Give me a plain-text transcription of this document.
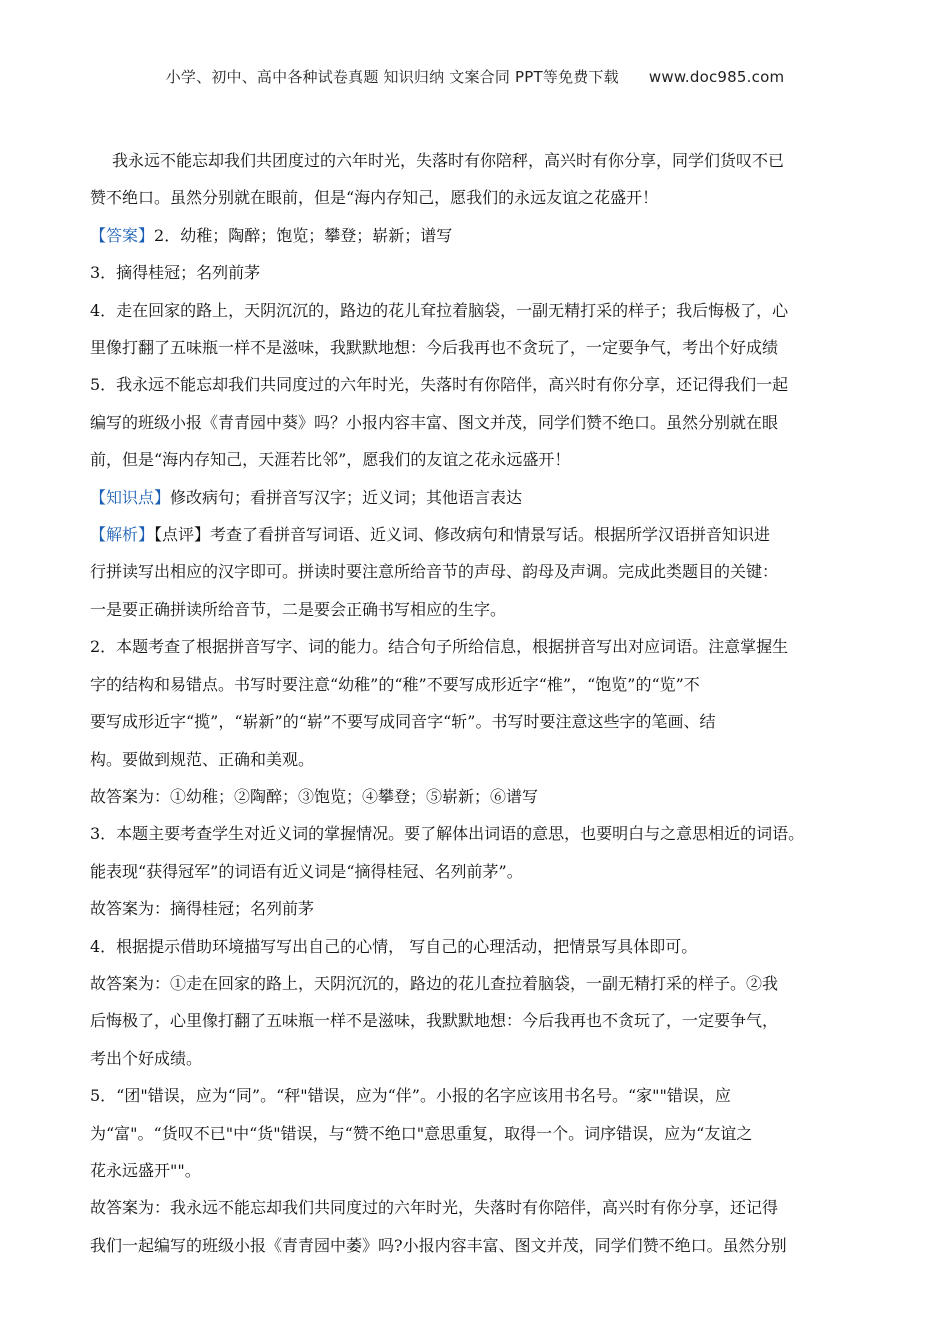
小学、初中、高中各种试卷真题 知识归纳 文案合同 PPT等免费下载 www.doc985.com

我永远不能忘却我们共团度过的六年时光，失落时有你陪秤，高兴时有你分享，同学们货叹不已

赞不绝口。虽然分别就在眼前，但是“海内存知己，愿我们的永远友谊之花盛开！

【答案】2．幼稚；陶醉；饱览；攀登；崭新；谱写

3．摘得桂冠；名列前茅

4．走在回家的路上，天阴沉沉的，路边的花儿耷拉着脑袋，一副无精打采的样子；我后悔极了，心

里像打翻了五味瓶一样不是滋味，我默默地想：今后我再也不贪玩了，一定要争气，考出个好成绩

5．我永远不能忘却我们共同度过的六年时光，失落时有你陪伴，高兴时有你分享，还记得我们一起

编写的班级小报《青青园中葵》吗？小报内容丰富、图文并茂，同学们赞不绝口。虽然分别就在眼

前，但是“海内存知己，天涯若比邻”，愿我们的友谊之花永远盛开！

【知识点】修改病句；看拼音写汉字；近义词；其他语言表达

【解析】【点评】考查了看拼音写词语、近义词、修改病句和情景写话。根据所学汉语拼音知识进

行拼读写出相应的汉字即可。拼读时要注意所给音节的声母、韵母及声调。完成此类题目的关键：

一是要正确拼读所给音节，二是要会正确书写相应的生字。

2．本题考查了根据拼音写字、词的能力。结合句子所给信息，根据拼音写出对应词语。注意掌握生

字的结构和易错点。书写时要注意“幼稚”的“稚”不要写成形近字“椎”，“饱览”的“览”不

要写成形近字“揽”，“崭新”的“崭”不要写成同音字“斩”。书写时要注意这些字的笔画、结

构。要做到规范、正确和美观。

故答案为：①幼稚；②陶醉；③饱览；④攀登；⑤崭新；⑥谱写

3．本题主要考查学生对近义词的掌握情况。要了解体出词语的意思，也要明白与之意思相近的词语。

能表现“获得冠军”的词语有近义词是“摘得桂冠、名列前茅”。

故答案为：摘得桂冠；名列前茅

4．根据提示借助环境描写写出自己的心情， 写自己的心理活动，把情景写具体即可。

故答案为：①走在回家的路上，天阴沉沉的，路边的花儿查拉着脑袋，一副无精打采的样子。②我

后悔极了，心里像打翻了五味瓶一样不是滋味，我默默地想：今后我再也不贪玩了，一定要争气，

考出个好成绩。

5．“团"错误，应为“同”。“秤"错误，应为“伴”。小报的名字应该用书名号。“家""错误，应

为“富"。“货叹不已"中“货"错误，与“赞不绝口"意思重复，取得一个。词序错误，应为“友谊之

花永远盛开""。

故答案为：我永远不能忘却我们共同度过的六年时光，失落时有你陪伴，高兴时有你分享，还记得

我们一起编写的班级小报《青青园中萎》吗?小报内容丰富、图文并茂，同学们赞不绝口。虽然分别
